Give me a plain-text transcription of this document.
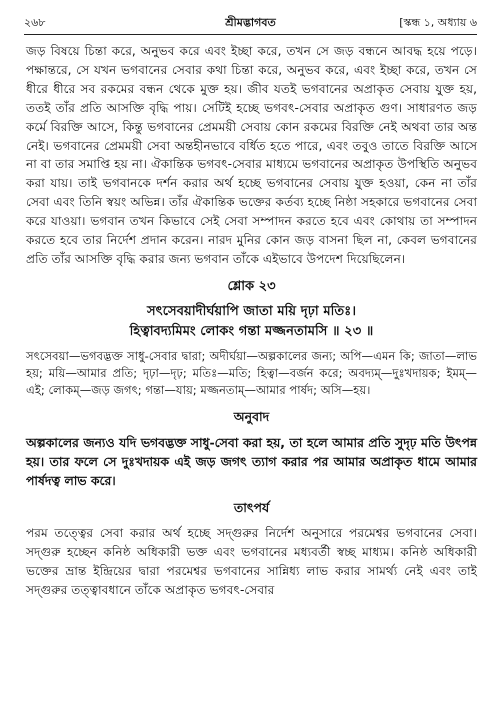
২৬৮	শ্রীমদ্ভাগবত	[স্কন্ধ ১, অধ্যায় ৬

জড় বিষয়ে চিন্তা করে, অনুভব করে এবং ইচ্ছা করে, তখন সে জড় বন্ধনে আবদ্ধ হয়ে পড়ে। পক্ষান্তরে, সে যখন ভগবানের সেবার কথা চিন্তা করে, অনুভব করে, এবং ইচ্ছা করে, তখন সে ধীরে ধীরে সব রকমের বন্ধন থেকে মুক্ত হয়। জীব যতই ভগবানের অপ্রাকৃত সেবায় যুক্ত হয়, ততই তাঁর প্রতি আসক্তি বৃদ্ধি পায়। সেটিই হচ্ছে ভগবৎ-সেবার অপ্রাকৃত গুণ। সাধারণত জড় কর্মে বিরক্তি আসে, কিন্তু ভগবানের প্রেমময়ী সেবায় কোন রকমের বিরক্তি নেই অথবা তার অন্ত নেই। ভগবানের প্রেমময়ী সেবা অন্তহীনভাবে বর্ধিত হতে পারে, এবং তবুও তাতে বিরক্তি আসে না বা তার সমাপ্তি হয় না। ঐকান্তিক ভগবৎ-সেবার মাধ্যমে ভগবানের অপ্রাকৃত উপস্থিতি অনুভব করা যায়। তাই ভগবানকে দর্শন করার অর্থ হচ্ছে ভগবানের সেবায় যুক্ত হওয়া, কেন না তাঁর সেবা এবং তিনি স্বয়ং অভিন্ন। তাঁর ঐকান্তিক ভক্তের কর্তব্য হচ্ছে নিষ্ঠা সহকারে ভগবানের সেবা করে যাওয়া। ভগবান তখন কিভাবে সেই সেবা সম্পাদন করতে হবে এবং কোথায় তা সম্পাদন করতে হবে তার নির্দেশ প্রদান করেন। নারদ মুনির কোন জড় বাসনা ছিল না, কেবল ভগবানের প্রতি তাঁর আসক্তি বৃদ্ধি করার জন্য ভগবান তাঁকে এইভাবে উপদেশ দিয়েছিলেন।

শ্লোক ২৩
সৎসেবয়াদীর্ঘয়াপি জাতা ময়ি দৃঢ়া মতিঃ।
হিত্বাবদ্যমিমং লোকং গন্তা মজ্জনতামসি ॥ ২৩ ॥

সৎসেবয়া—ভগবদ্ভক্ত সাধু-সেবার দ্বারা; অদীর্ঘয়া—অল্পকালের জন্য; অপি—এমন কি; জাতা—লাভ হয়; ময়ি—আমার প্রতি; দৃঢ়া—দৃঢ়; মতিঃ—মতি; হিত্বা—বর্জন করে; অবদ্যম্—দুঃখদায়ক; ইমম্—এই; লোকম্—জড় জগৎ; গন্তা—যায়; মজ্জনতাম্—আমার পার্ষদ; অসি—হয়।

অনুবাদ

অল্পকালের জন্যও যদি ভগবদ্ভক্ত সাধু-সেবা করা হয়, তা হলে আমার প্রতি সুদৃঢ় মতি উৎপন্ন হয়। তার ফলে সে দুঃখদায়ক এই জড় জগৎ ত্যাগ করার পর আমার অপ্রাকৃত ধামে আমার পার্ষদত্ব লাভ করে।

তাৎপর্য

পরম তত্ত্বের সেবা করার অর্থ হচ্ছে সদ্গুরুর নির্দেশ অনুসারে পরমেশ্বর ভগবানের সেবা। সদ্গুরু হচ্ছেন কনিষ্ঠ অধিকারী ভক্ত এবং ভগবানের মধ্যবর্তী স্বচ্ছ মাধ্যম। কনিষ্ঠ অধিকারী ভক্তের ভ্রান্ত ইন্দ্রিয়ের দ্বারা পরমেশ্বর ভগবানের সান্নিধ্য লাভ করার সামর্থ্য নেই এবং তাই সদ্গুরুর তত্ত্বাবধানে তাঁকে অপ্রাকৃত ভগবৎ-সেবার
